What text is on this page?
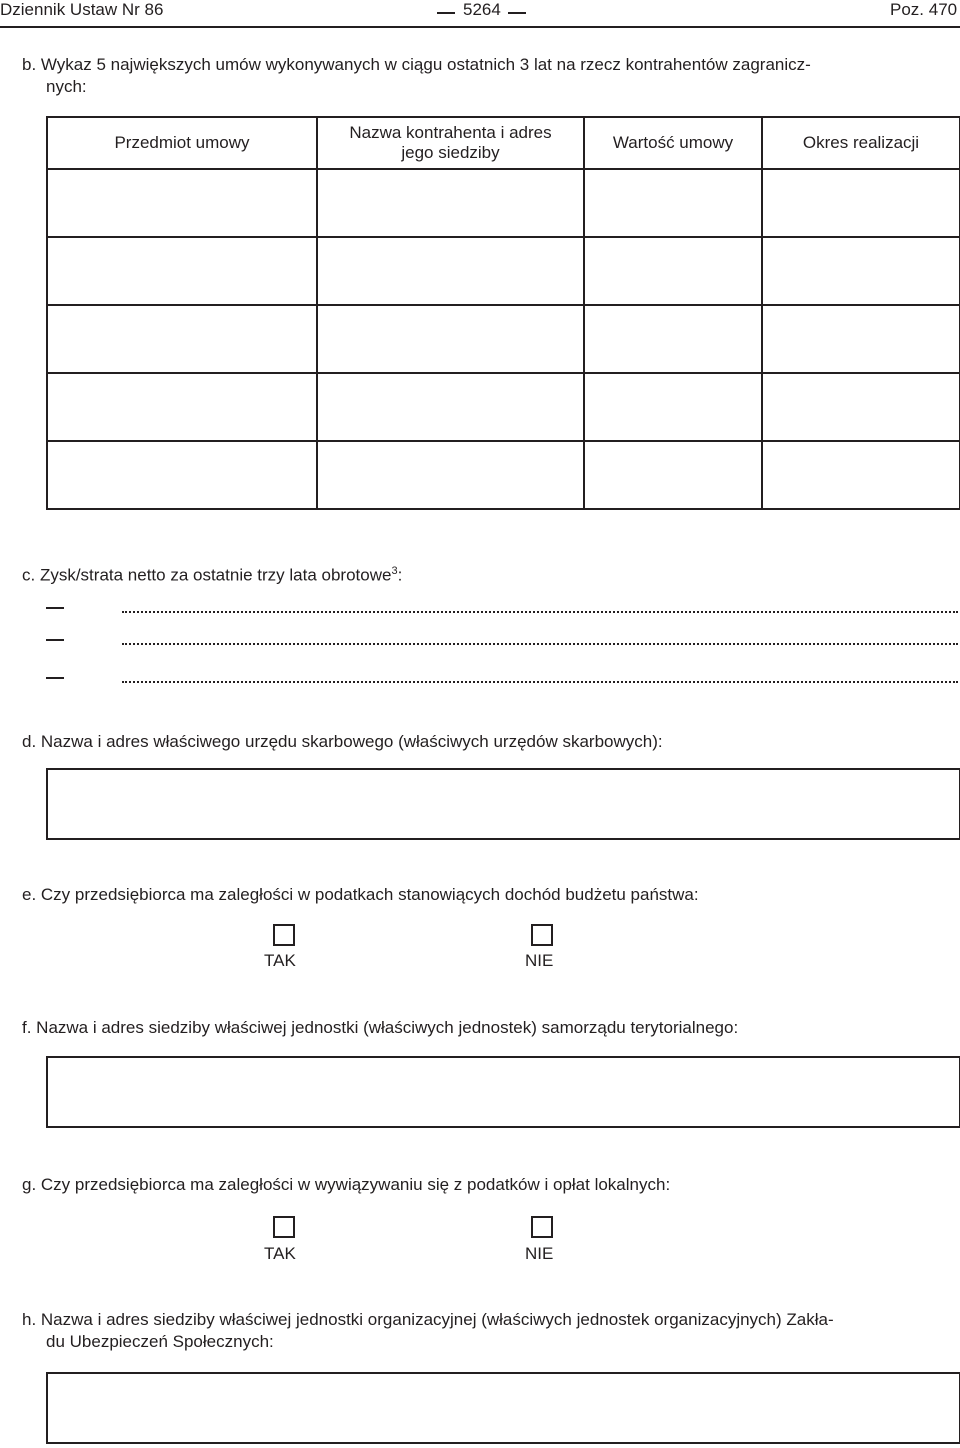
Dziennik Ustaw Nr 86	5264	Poz. 470
b. Wykaz 5 największych umów wykonywanych w ciągu ostatnich 3 lat na rzecz kontrahentów zagranicz-
nych:
Przedmiot umowy	Nazwa kontrahenta i adres
jego siedziby	Wartość umowy	Okres realizacji

c. Zysk/strata netto za ostatnie trzy lata obrotowe$^3$:
d. Nazwa i adres właściwego urzędu skarbowego (właściwych urzędów skarbowych):
e. Czy przedsiębiorca ma zaległości w podatkach stanowiących dochód budżetu państwa:
TAK	NIE
f. Nazwa i adres siedziby właściwej jednostki (właściwych jednostek) samorządu terytorialnego:
g. Czy przedsiębiorca ma zaległości w wywiązywaniu się z podatków i opłat lokalnych:
TAK	NIE
h. Nazwa i adres siedziby właściwej jednostki organizacyjnej (właściwych jednostek organizacyjnych) Zakła-
du Ubezpieczeń Społecznych:
